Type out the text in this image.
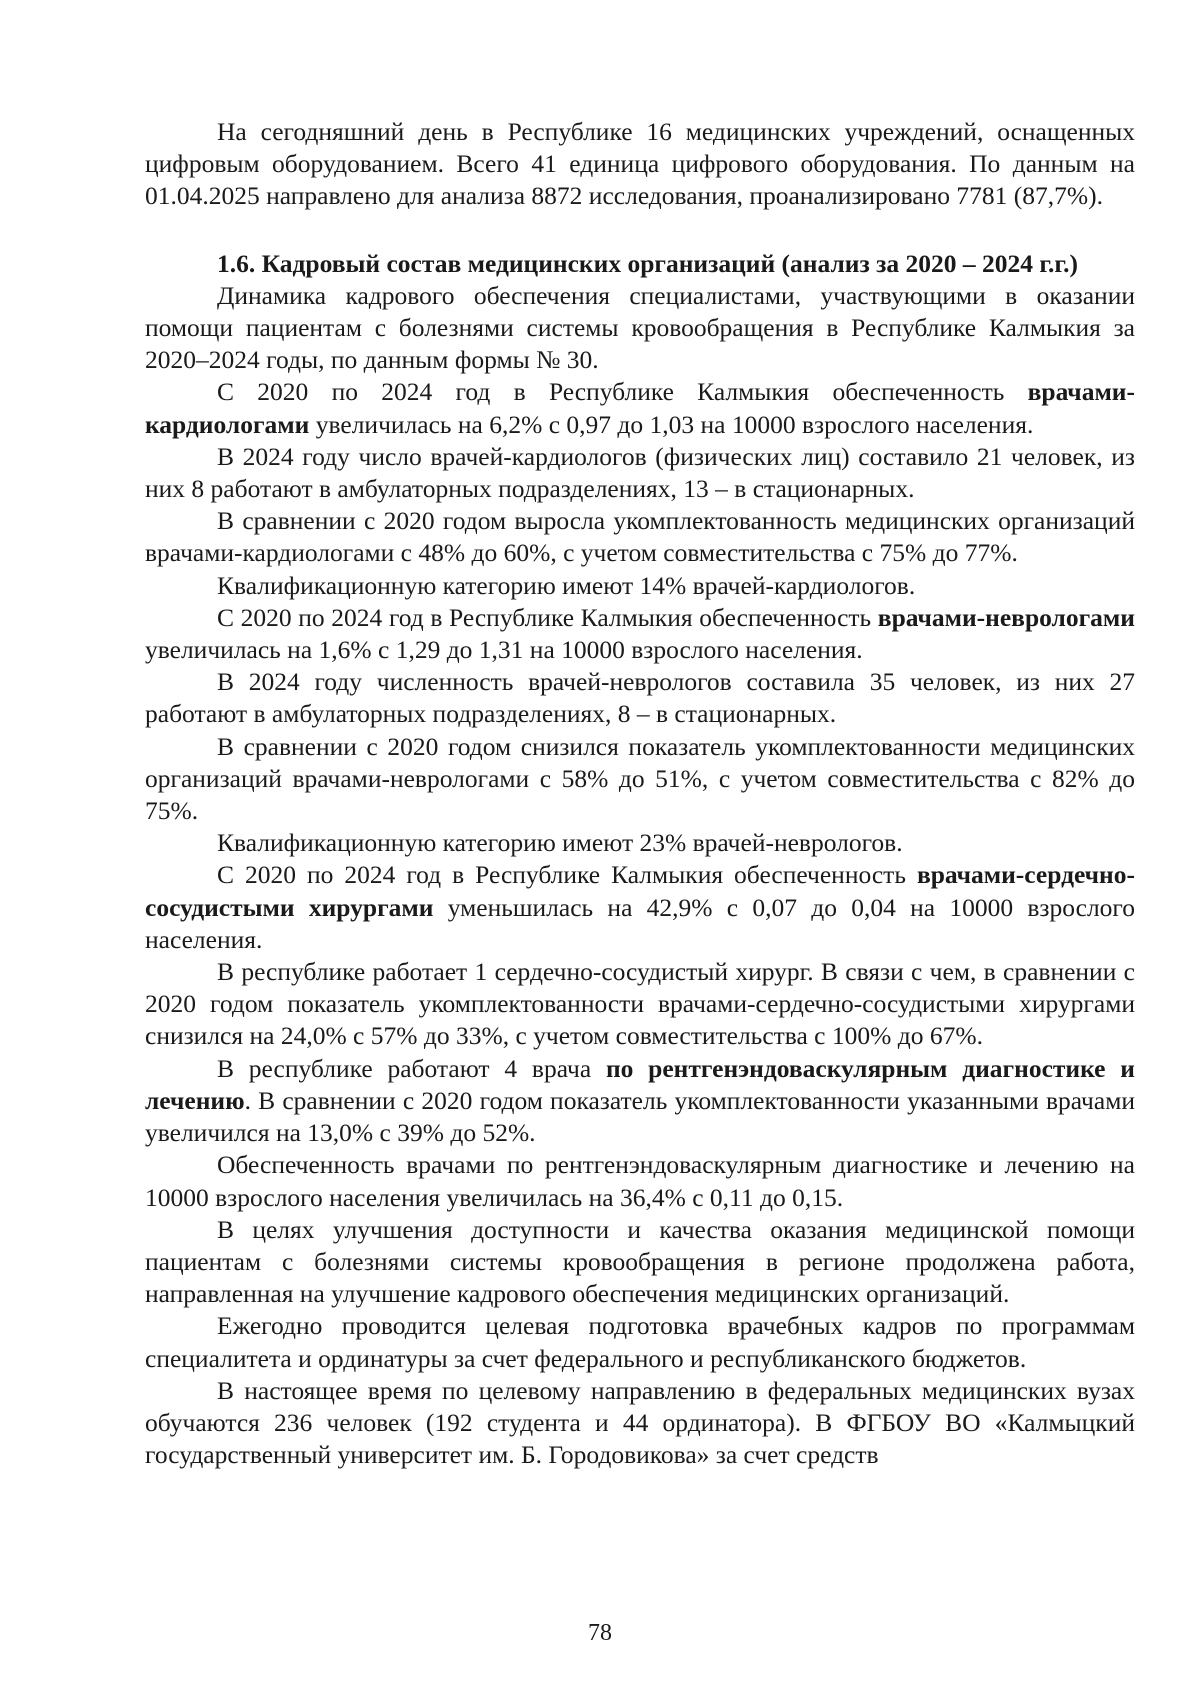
На сегодняшний день в Республике 16 медицинских учреждений, оснащенных цифровым оборудованием. Всего 41 единица цифрового оборудования. По данным на 01.04.2025 направлено для анализа 8872 исследования, проанализировано 7781 (87,7%).

1.6. Кадровый состав медицинских организаций (анализ за 2020 – 2024 г.г.)

Динамика кадрового обеспечения специалистами, участвующими в оказании помощи пациентам с болезнями системы кровообращения в Республике Калмыкия за 2020–2024 годы, по данным формы № 30.

С 2020 по 2024 год в Республике Калмыкия обеспеченность врачами-кардиологами увеличилась на 6,2% с 0,97 до 1,03 на 10000 взрослого населения.

В 2024 году число врачей-кардиологов (физических лиц) составило 21 человек, из них 8 работают в амбулаторных подразделениях, 13 – в стационарных.

В сравнении с 2020 годом выросла укомплектованность медицинских организаций врачами-кардиологами с 48% до 60%, с учетом совместительства с 75% до 77%.

Квалификационную категорию имеют 14% врачей-кардиологов.

С 2020 по 2024 год в Республике Калмыкия обеспеченность врачами-неврологами увеличилась на 1,6% с 1,29 до 1,31 на 10000 взрослого населения.

В 2024 году численность врачей-неврологов составила 35 человек, из них 27 работают в амбулаторных подразделениях, 8 – в стационарных.

В сравнении с 2020 годом снизился показатель укомплектованности медицинских организаций врачами-неврологами с 58% до 51%, с учетом совместительства с 82% до 75%.

Квалификационную категорию имеют 23% врачей-неврологов.

С 2020 по 2024 год в Республике Калмыкия обеспеченность врачами-сердечно-сосудистыми хирургами уменьшилась на 42,9% с 0,07 до 0,04 на 10000 взрослого населения.

В республике работает 1 сердечно-сосудистый хирург. В связи с чем, в сравнении с 2020 годом показатель укомплектованности врачами-сердечно-сосудистыми хирургами снизился на 24,0% с 57% до 33%, с учетом совместительства с 100% до 67%.

В республике работают 4 врача по рентгенэндоваскулярным диагностике и лечению. В сравнении с 2020 годом показатель укомплектованности указанными врачами увеличился на 13,0% с 39% до 52%.

Обеспеченность врачами по рентгенэндоваскулярным диагностике и лечению на 10000 взрослого населения увеличилась на 36,4% с 0,11 до 0,15.

В целях улучшения доступности и качества оказания медицинской помощи пациентам с болезнями системы кровообращения в регионе продолжена работа, направленная на улучшение кадрового обеспечения медицинских организаций.

Ежегодно проводится целевая подготовка врачебных кадров по программам специалитета и ординатуры за счет федерального и республиканского бюджетов.

В настоящее время по целевому направлению в федеральных медицинских вузах обучаются 236 человек (192 студента и 44 ординатора). В ФГБОУ ВО «Калмыцкий государственный университет им. Б. Городовикова» за счет средств

78
